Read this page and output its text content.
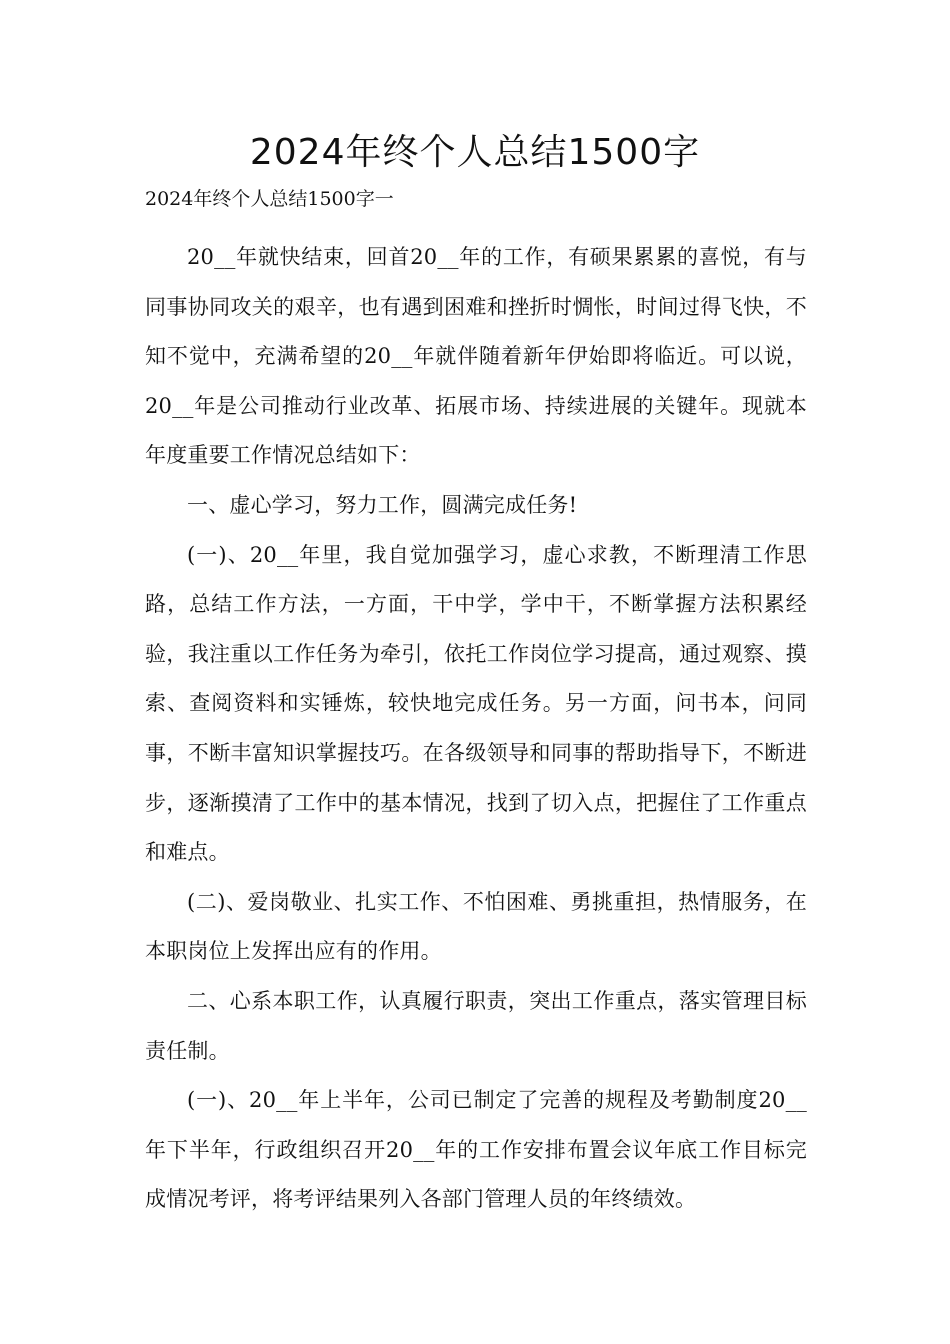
2024年终个人总结1500字
2024年终个人总结1500字一

20__年就快结束，回首20__年的工作，有硕果累累的喜悦，有与同事协同攻关的艰辛，也有遇到困难和挫折时惆怅，时间过得飞快，不知不觉中，充满希望的20__年就伴随着新年伊始即将临近。可以说，20__年是公司推动行业改革、拓展市场、持续进展的关键年。现就本年度重要工作情况总结如下：

一、虚心学习，努力工作，圆满完成任务!

(一)、20__年里，我自觉加强学习，虚心求教，不断理清工作思路，总结工作方法，一方面，干中学，学中干，不断掌握方法积累经验，我注重以工作任务为牵引，依托工作岗位学习提高，通过观察、摸索、查阅资料和实锤炼，较快地完成任务。另一方面，问书本，问同事，不断丰富知识掌握技巧。在各级领导和同事的帮助指导下，不断进步，逐渐摸清了工作中的基本情况，找到了切入点，把握住了工作重点和难点。

(二)、爱岗敬业、扎实工作、不怕困难、勇挑重担，热情服务，在本职岗位上发挥出应有的作用。

二、心系本职工作，认真履行职责，突出工作重点，落实管理目标责任制。

(一)、20__年上半年，公司已制定了完善的规程及考勤制度20__年下半年，行政组织召开20__年的工作安排布置会议年底工作目标完成情况考评，将考评结果列入各部门管理人员的年终绩效。
